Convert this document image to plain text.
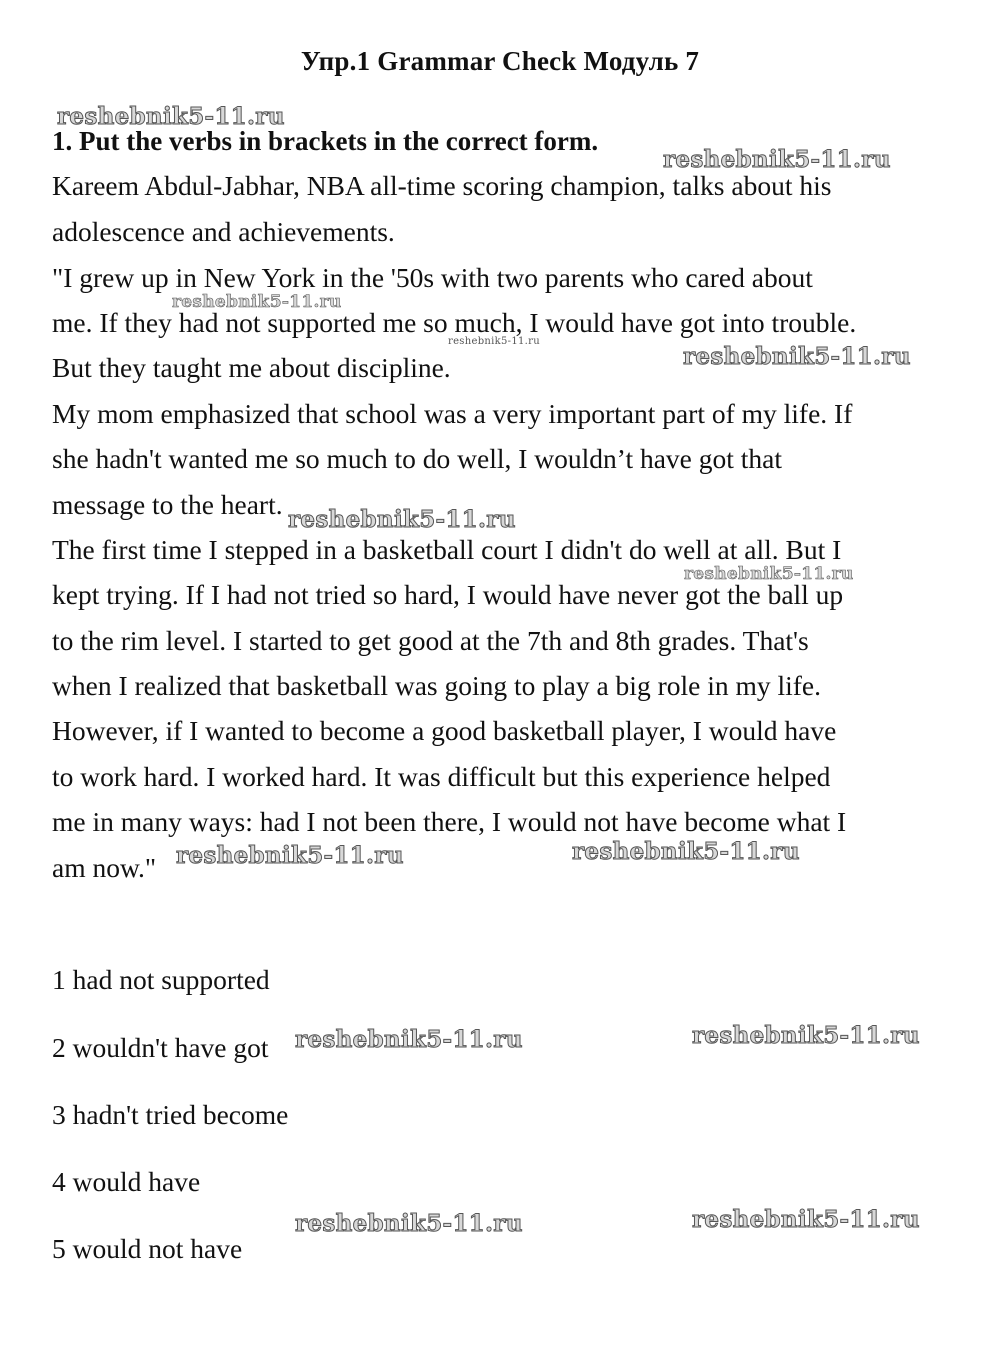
Упр.1 Grammar Check Модуль 7
1. Put the verbs in brackets in the correct form.
Kareem Abdul-Jabhar, NBA all-time scoring champion, talks about his
adolescence and achievements.
"I grew up in New York in the '50s with two parents who cared about
me. If they had not supported me so much, I would have got into trouble.
But they taught me about discipline.
My mom emphasized that school was a very important part of my life. If
she hadn't wanted me so much to do well, I wouldn’t have got that
message to the heart.
The first time I stepped in a basketball court I didn't do well at all. But I
kept trying. If I had not tried so hard, I would have never got the ball up
to the rim level. I started to get good at the 7th and 8th grades. That's
when I realized that basketball was going to play a big role in my life.
However, if I wanted to become a good basketball player, I would have
to work hard. I worked hard. It was difficult but this experience helped
me in many ways: had I not been there, I would not have become what I
am now."
1 had not supported
2 wouldn't have got
3 hadn't tried become
4 would have
5 would not have
reshebnik5-11.ru
reshebnik5-11.ru
reshebnik5-11.ru
reshebnik5-11.ru
reshebnik5-11.ru
reshebnik5-11.ru
reshebnik5-11.ru
reshebnik5-11.ru	reshebnik5-11.ru
reshebnik5-11.ru	reshebnik5-11.ru
reshebnik5-11.ru	reshebnik5-11.ru
